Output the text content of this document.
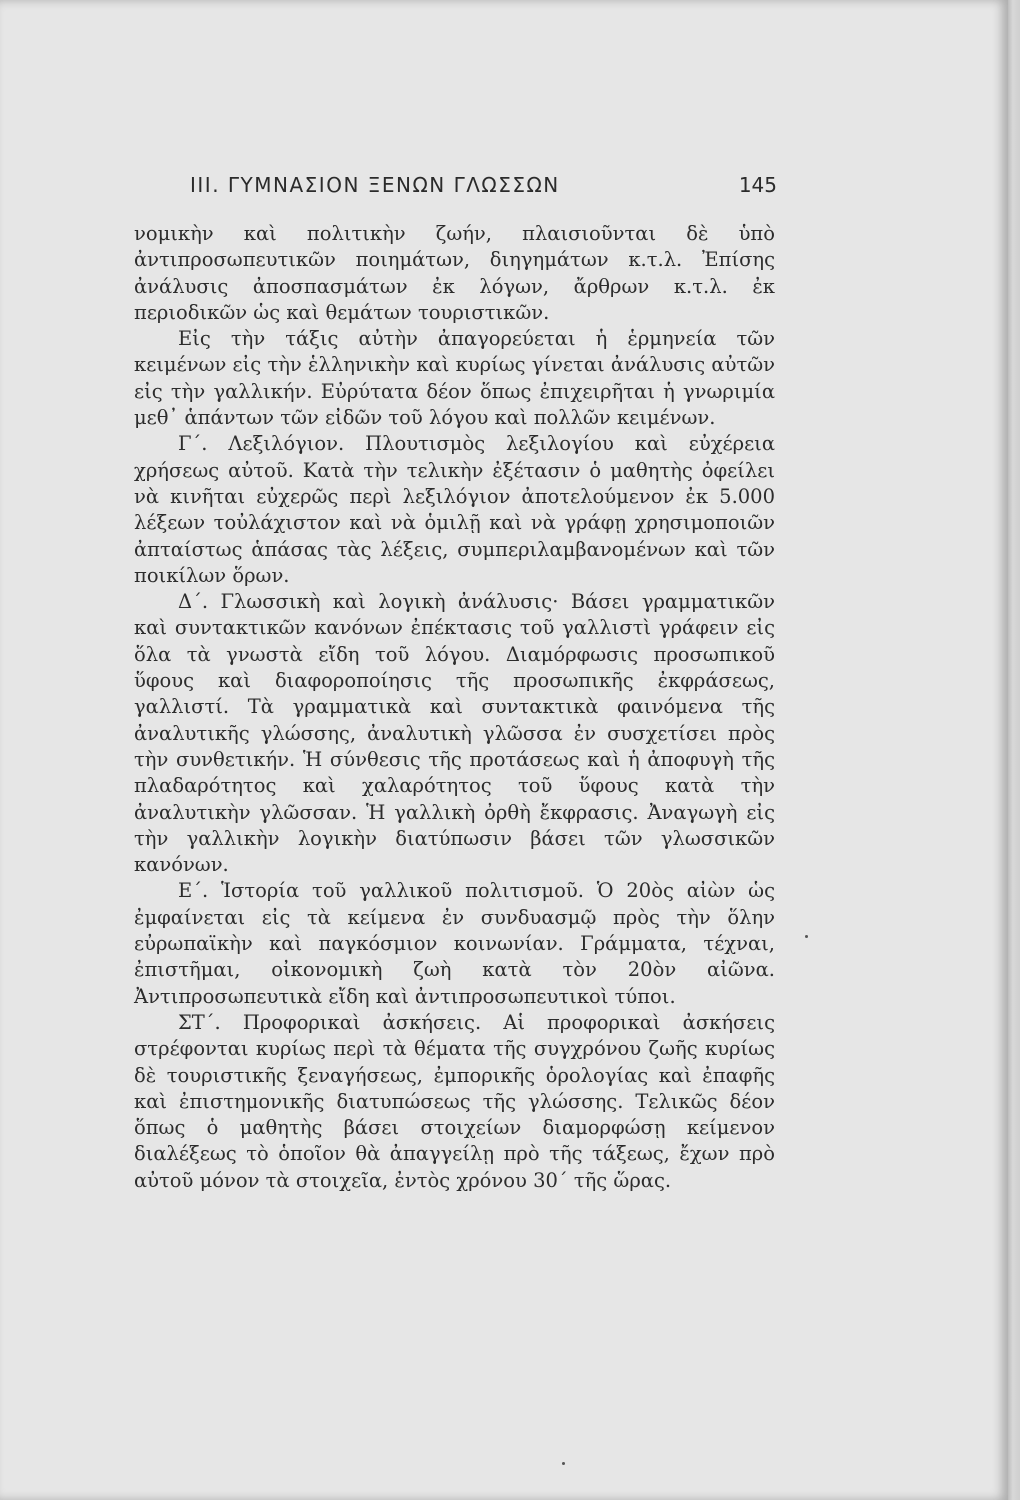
III. ΓΥΜΝΑΣΙΟΝ ΞΕΝΩΝ ΓΛΩΣΣΩΝ	145

νομικὴν καὶ πολιτικὴν ζωήν, πλαισιοῦνται δὲ ὑπὸ ἀντιπροσωπευτικῶν ποιημάτων, διηγημάτων κ.τ.λ. Ἐπίσης ἀνάλυσις ἀποσπασμάτων ἐκ λόγων, ἄρθρων κ.τ.λ. ἐκ περιοδικῶν ὡς καὶ θεμάτων τουριστικῶν.

Εἰς τὴν τάξις αὐτὴν ἀπαγορεύεται ἡ ἑρμηνεία τῶν κειμένων εἰς τὴν ἑλληνικὴν καὶ κυρίως γίνεται ἀνάλυσις αὐτῶν εἰς τὴν γαλλικήν. Εὐρύτατα δέον ὅπως ἐπιχειρῆται ἡ γνωριμία μεθ᾿ ἁπάντων τῶν εἰδῶν τοῦ λόγου καὶ πολλῶν κειμένων.

Γ΄. Λεξιλόγιον. Πλουτισμὸς λεξιλογίου καὶ εὐχέρεια χρήσεως αὐτοῦ. Κατὰ τὴν τελικὴν ἐξέτασιν ὁ μαθητὴς ὀφείλει νὰ κινῆται εὐχερῶς περὶ λεξιλόγιον ἀποτελούμενον ἐκ 5.000 λέξεων τοὐλάχιστον καὶ νὰ ὁμιλῇ καὶ νὰ γράφῃ χρησιμοποιῶν ἀπταίστως ἁπάσας τὰς λέξεις, συμπεριλαμβανομένων καὶ τῶν ποικίλων ὅρων.

Δ΄. Γλωσσικὴ καὶ λογικὴ ἀνάλυσις· Βάσει γραμματικῶν καὶ συντακτικῶν κανόνων ἐπέκτασις τοῦ γαλλιστὶ γράφειν εἰς ὅλα τὰ γνωστὰ εἴδη τοῦ λόγου. Διαμόρφωσις προσωπικοῦ ὕφους καὶ διαφοροποίησις τῆς προσωπικῆς ἐκφράσεως, γαλλιστί. Τὰ γραμματικὰ καὶ συντακτικὰ φαινόμενα τῆς ἀναλυτικῆς γλώσσης, ἀναλυτικὴ γλῶσσα ἐν συσχετίσει πρὸς τὴν συνθετικήν. Ἡ σύνθεσις τῆς προτάσεως καὶ ἡ ἀποφυγὴ τῆς πλαδαρότητος καὶ χαλαρότητος τοῦ ὕφους κατὰ τὴν ἀναλυτικὴν γλῶσσαν. Ἡ γαλλικὴ ὀρθὴ ἔκφρασις. Ἀναγωγὴ εἰς τὴν γαλλικὴν λογικὴν διατύπωσιν βάσει τῶν γλωσσικῶν κανόνων.

Ε΄. Ἱστορία τοῦ γαλλικοῦ πολιτισμοῦ. Ὁ 20ὸς αἰὼν ὡς ἐμφαίνεται εἰς τὰ κείμενα ἐν συνδυασμῷ πρὸς τὴν ὅλην εὐρωπαϊκὴν καὶ παγκόσμιον κοινωνίαν. Γράμματα, τέχναι, ἐπιστῆμαι, οἰκονομικὴ ζωὴ κατὰ τὸν 20ὸν αἰῶνα. Ἀντιπροσωπευτικὰ εἴδη καὶ ἀντιπροσωπευτικοὶ τύποι.

ΣΤ΄. Προφορικαὶ ἀσκήσεις. Αἱ προφορικαὶ ἀσκήσεις στρέφονται κυρίως περὶ τὰ θέματα τῆς συγχρόνου ζωῆς κυρίως δὲ τουριστικῆς ξεναγήσεως, ἐμπορικῆς ὁρολογίας καὶ ἐπαφῆς καὶ ἐπιστημονικῆς διατυπώσεως τῆς γλώσσης. Τελικῶς δέον ὅπως ὁ μαθητὴς βάσει στοιχείων διαμορφώσῃ κείμενον διαλέξεως τὸ ὁποῖον θὰ ἀπαγγείλῃ πρὸ τῆς τάξεως, ἔχων πρὸ αὐτοῦ μόνον τὰ στοιχεῖα, ἐντὸς χρόνου 30΄ τῆς ὥρας.
